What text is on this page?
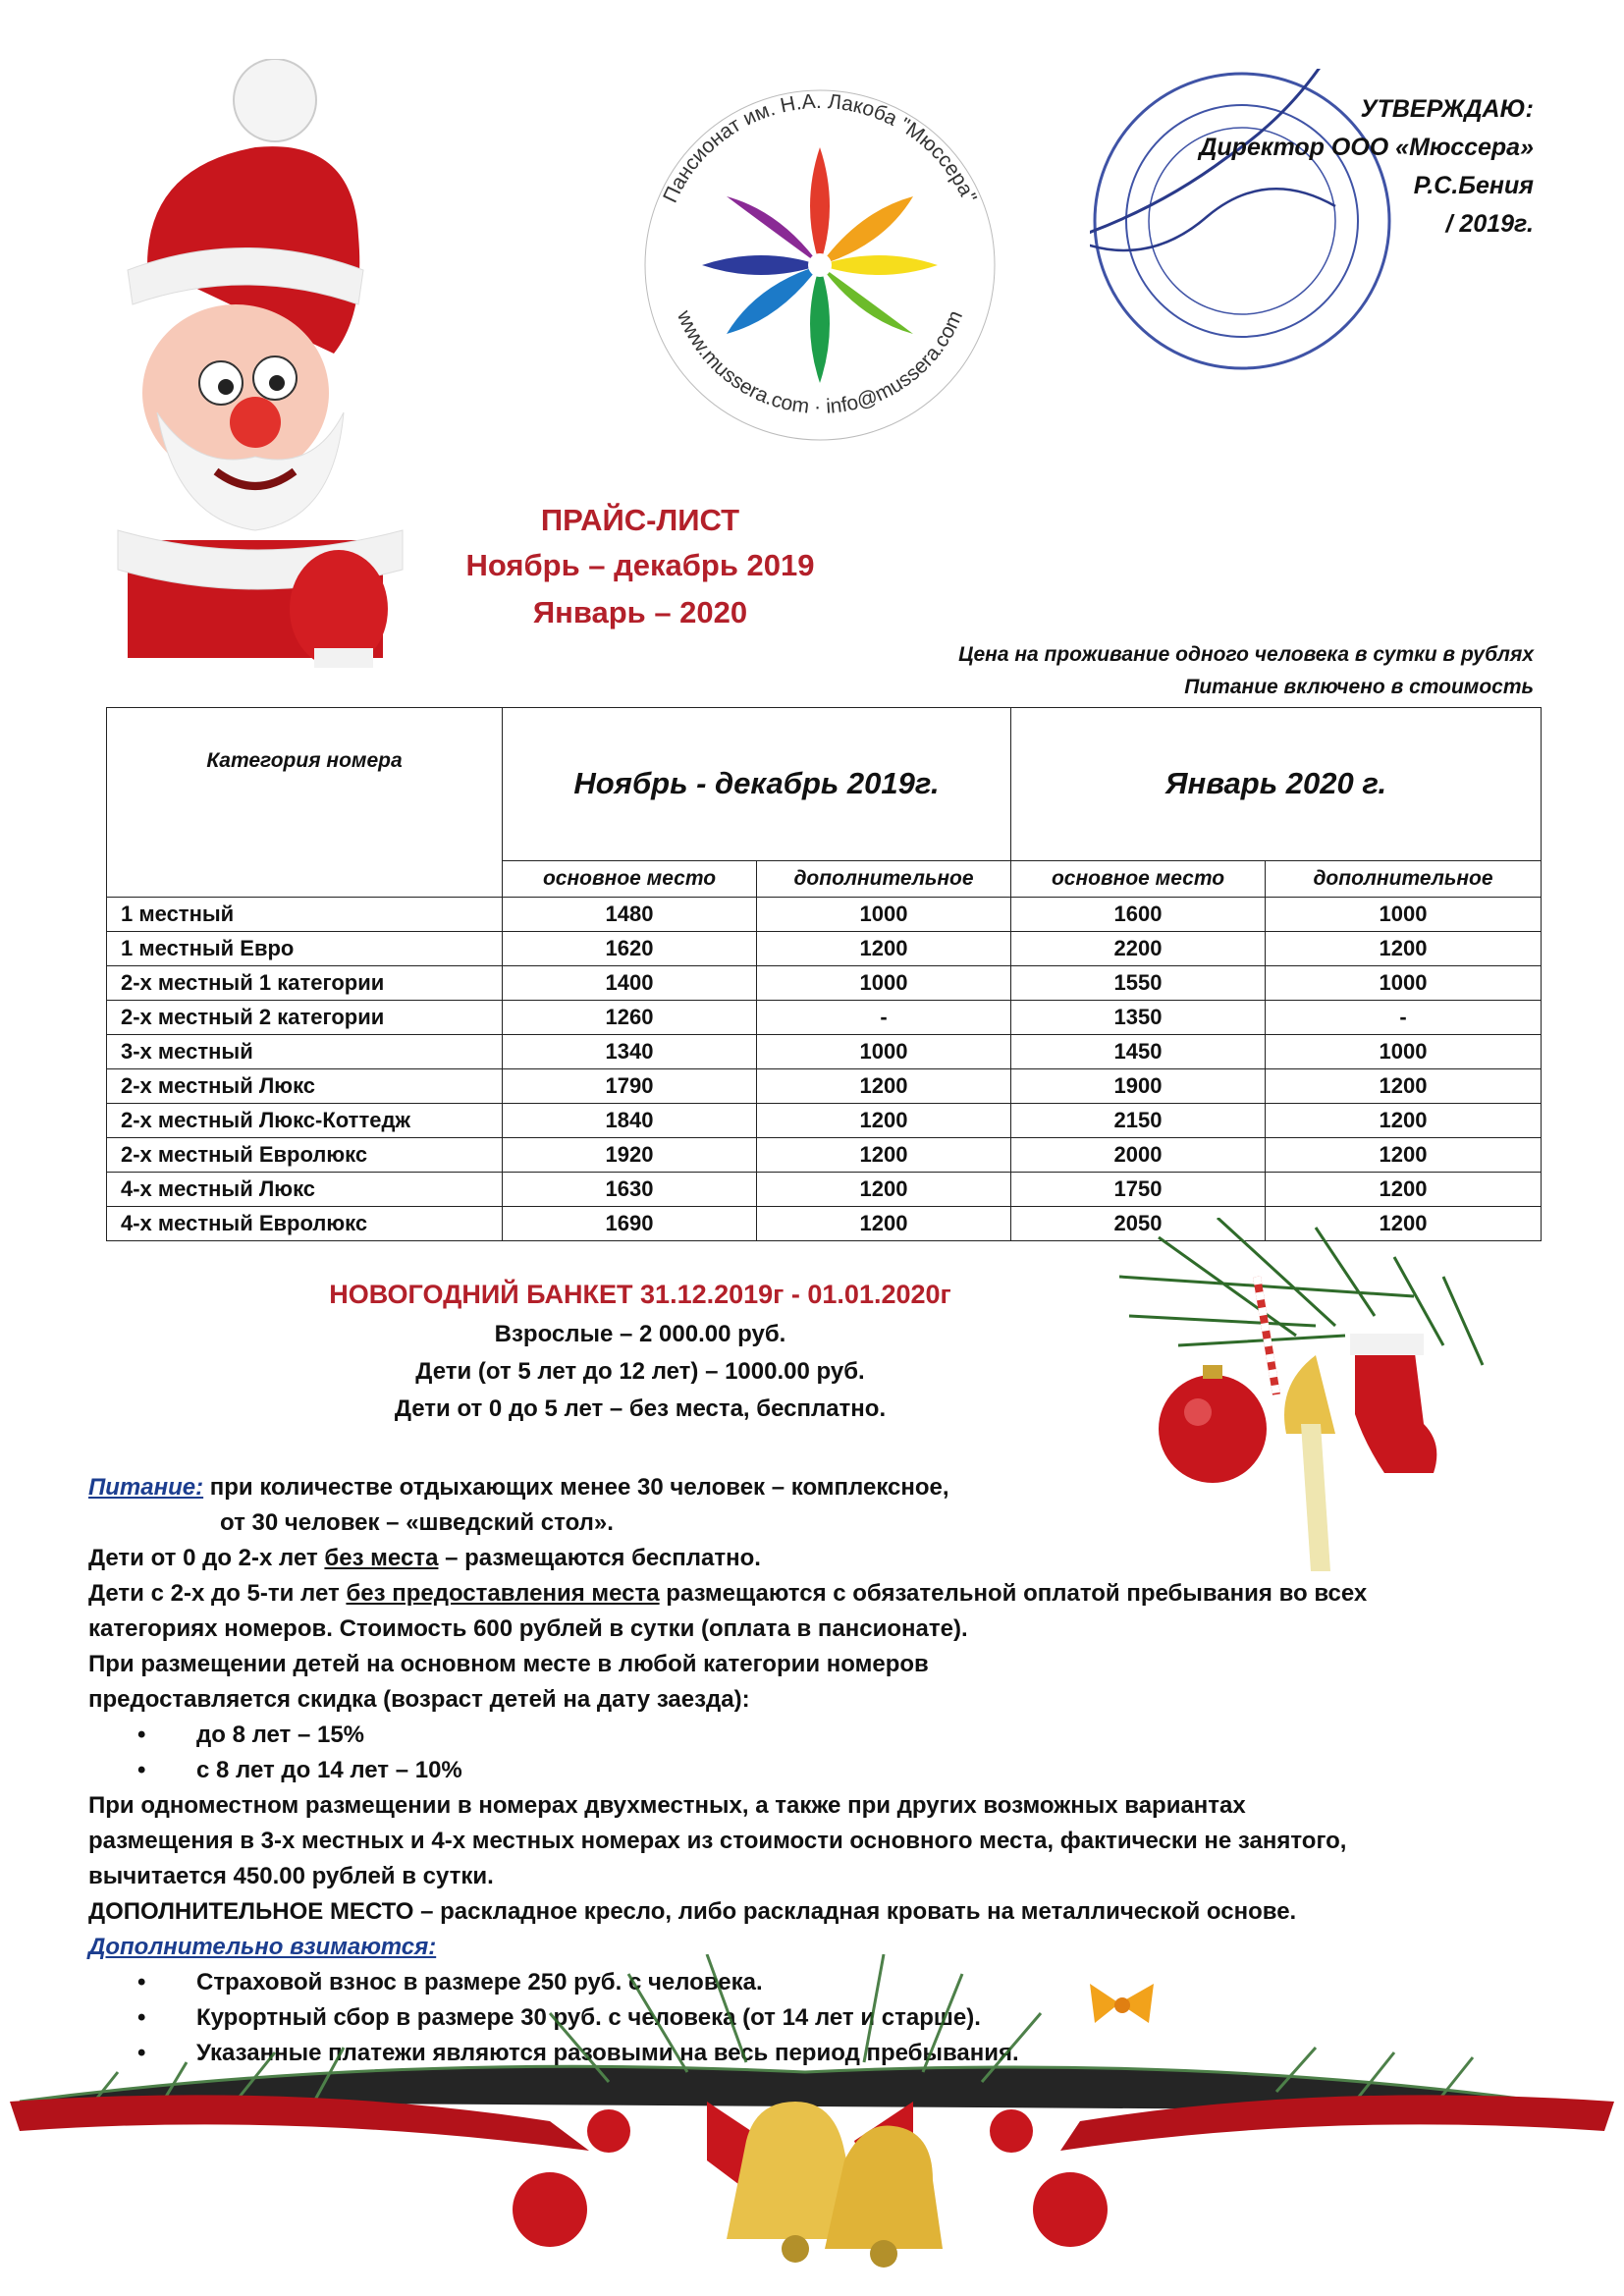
Пансионат им. Н.А. Лакоба "Мюссера"
www.mussera.com · info@mussera.com
УТВЕРЖДАЮ:
Директор ООО «Мюссера»
Р.С.Бения
/ 2019г.
ПРАЙС-ЛИСТ
Ноябрь – декабрь 2019
Январь – 2020
Цена на проживание одного человека в сутки в рублях
Питание включено в стоимость
Категория номера	Ноябрь - декабрь 2019г.		Январь 2020 г.	
	основное место	дополнительное	основное место	дополнительное
1 местный	1480	1000	1600	1000
1 местный Евро	1620	1200	2200	1200
2-х местный 1 категории	1400	1000	1550	1000
2-х местный 2 категории	1260	-	1350	-
3-х местный	1340	1000	1450	1000
2-х местный Люкс	1790	1200	1900	1200
2-х местный Люкс-Коттедж	1840	1200	2150	1200
2-х местный Евролюкс	1920	1200	2000	1200
4-х местный Люкс	1630	1200	1750	1200
4-х местный Евролюкс	1690	1200	2050	1200
НОВОГОДНИЙ БАНКЕТ 31.12.2019г - 01.01.2020г
Взрослые – 2 000.00 руб.
Дети (от 5 лет до 12 лет) – 1000.00 руб.
Дети от 0 до 5 лет – без места, бесплатно.

Питание: при количестве отдыхающих менее 30 человек – комплексное,

от 30 человек – «шведский стол».

Дети от 0 до 2-х лет без места – размещаются бесплатно.

Дети с 2-х до 5-ти лет без предоставления места размещаются с обязательной оплатой пребывания во всех

категориях номеров. Стоимость 600 рублей в сутки (оплата в пансионате).

При размещении детей на основном месте в любой категории номеров

предоставляется скидка (возраст детей на дату заезда):

• до 8 лет – 15%

• с 8 лет до 14 лет – 10%

При одноместном размещении в номерах двухместных, а также при других возможных вариантах

размещения в 3-х местных и 4-х местных номерах из стоимости основного места, фактически не занятого,

вычитается 450.00 рублей в сутки.

ДОПОЛНИТЕЛЬНОЕ МЕСТО – раскладное кресло, либо раскладная кровать на металлической основе.

Дополнительно взимаются:

• Страховой взнос в размере 250 руб. с человека.

• Курортный сбор в размере 30 руб. с человека (от 14 лет и старше).

• Указанные платежи являются разовыми на весь период пребывания.
